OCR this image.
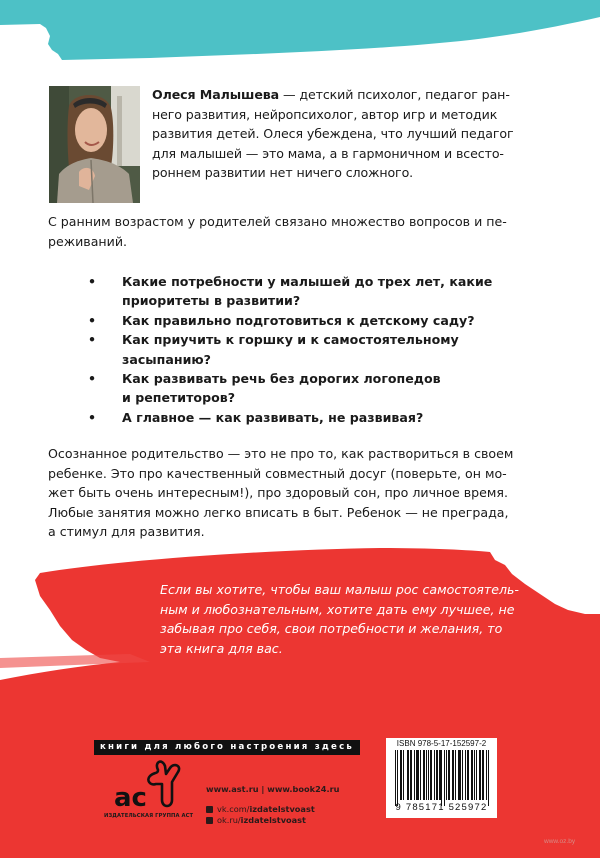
Олеся Малышева — детский психолог, педагог ран-
него развития, нейропсихолог, автор игр и методик
развития детей. Олеся убеждена, что лучший педагог
для малышей — это мама, а в гармоничном и всесто-
роннем развитии нет ничего сложного.
С ранним возрастом у родителей связано множество вопросов и пе-
реживаний.
• Какие потребности у малышей до трех лет, какие
приоритеты в развитии?
• Как правильно подготовиться к детскому саду?
• Как приучить к горшку и к самостоятельному
засыпанию?
• Как развивать речь без дорогих логопедов
и репетиторов?
• А главное — как развивать, не развивая?
Осознанное родительство — это не про то, как раствориться в своем
ребенке. Это про качественный совместный досуг (поверьте, он мо-
жет быть очень интересным!), про здоровый сон, про личное время.
Любые занятия можно легко вписать в быт. Ребенок — не преграда,
а стимул для развития.
Если вы хотите, чтобы ваш малыш рос самостоятель-
ным и любознательным, хотите дать ему лучшее, не
забывая про себя, свои потребности и желания, то
эта книга для вас.
книги для любого настроения здесь
ас
ИЗДАТЕЛЬСКАЯ ГРУППА АСТ
www.ast.ru | www.book24.ru
vk.com/izdatelstvoast
ok.ru/izdatelstvoast
ISBN 978-5-17-152597-2
9 785171 525972
www.oz.by
